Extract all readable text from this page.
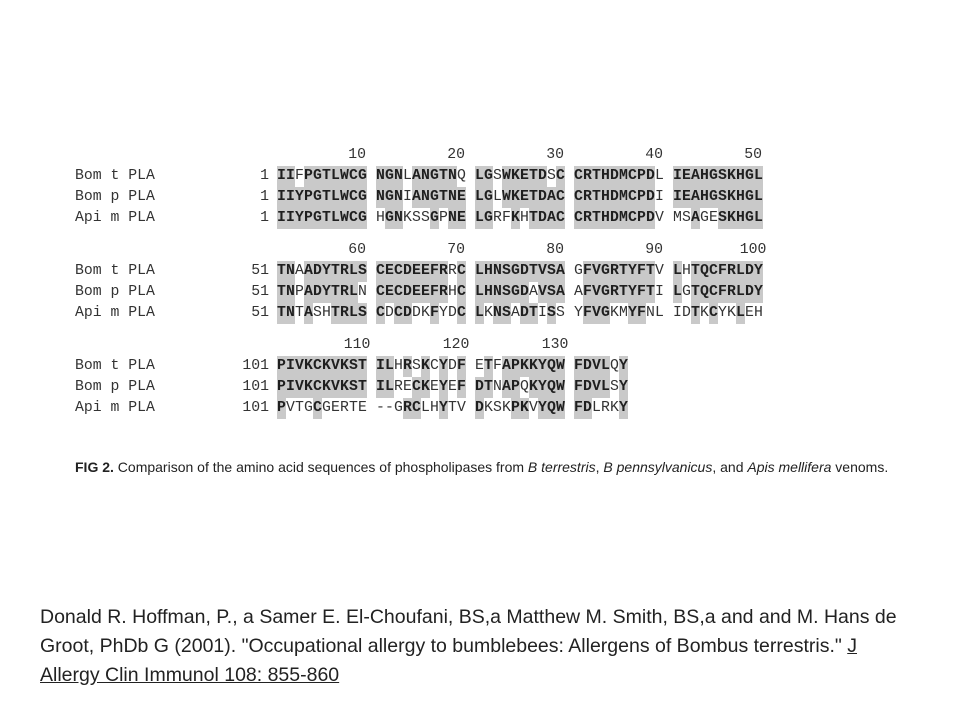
10	20	30	40	50
Bom t PLA	1 IIFPGTLWCG NGNLANGTNQ LGSWKETDSC CRTHDMCPDL IEAHGSKHGL
Bom p PLA	1 IIYPGTLWCG NGNIANGTNE LGLWKETDAC CRTHDMCPDI IEAHGSKHGL
Api m PLA	1 IIYPGTLWCG HGNKSSGPNE LGRFKHTDAC CRTHDMCPDV MSAGESKHGL
60	70	80	90	100
Bom t PLA	51 TNAADYTRLS CECDEEFRRC LHNSGDTVSA GFVGRTYFTV LHTQCFRLDY
Bom p PLA	51 TNPADYTRLN CECDEEFRHC LHNSGDAVSA AFVGRTYFTI LGTQCFRLDY
Api m PLA	51 TNTASHTRLS CDCDDKFYDC LKNSADTISS YFVGKMYFNL IDTKCYKLEH
110	120	130
Bom t PLA	101 PIVKCKVKST ILHRSKCYDF ETFAPKKYQW FDVLQY
Bom p PLA	101 PIVKCKVKST ILRECKEYEF DTNAPQKYQW FDVLSY
Api m PLA	101 PVTGCGERTE --GRCLHYTV DKSKPKVYQW FDLRKY
FIG 2. Comparison of the amino acid sequences of phospholipases from B terrestris, B pennsylvanicus, and Apis mellifera venoms.
Donald R. Hoffman, P., a Samer E. El-Choufani, BS,a Matthew M. Smith, BS,a and and M. Hans de Groot, PhDb G (2001). "Occupational allergy to bumblebees: Allergens of Bombus terrestris." J Allergy Clin Immunol 108: 855-860
